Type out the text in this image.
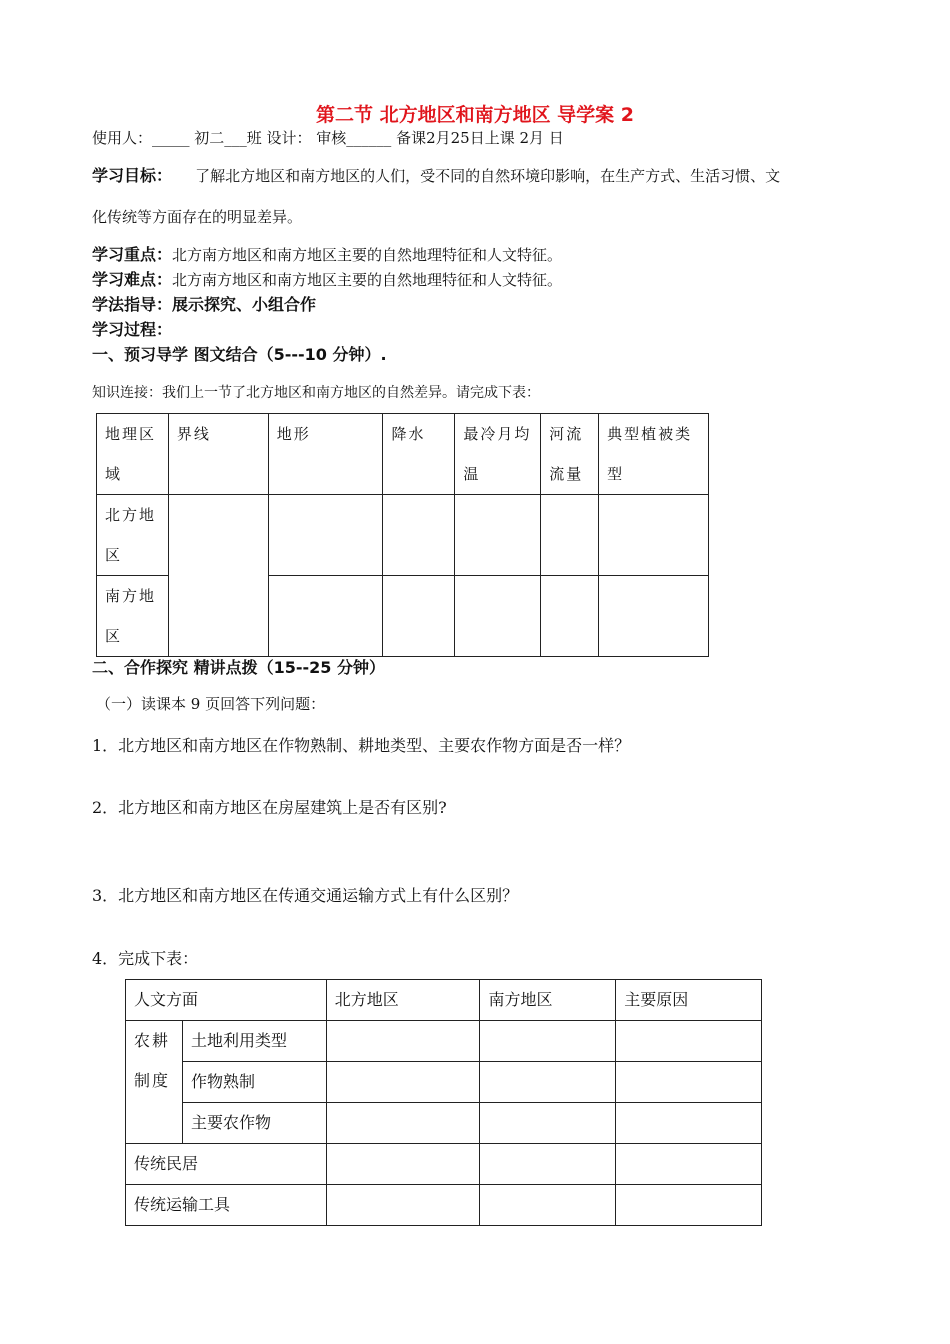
第二节 北方地区和南方地区 导学案 2
使用人：_____ 初二___班 设计： 审核______ 备课2月25日上课 2月 日
学习目标： 了解北方地区和南方地区的人们，受不同的自然环境印影响，在生产方式、生活习惯、文
化传统等方面存在的明显差异。
学习重点：北方南方地区和南方地区主要的自然地理特征和人文特征。
学习难点：北方南方地区和南方地区主要的自然地理特征和人文特征。
学法指导：展示探究、小组合作
学习过程：
一、预习导学 图文结合（5---10 分钟）.
知识连接：我们上一节了北方地区和南方地区的自然差异。请完成下表：
地理区域	界线	地形	降水	最冷月均温	河流流量	典型植被类型
北方地区						
南方地区						
二、合作探究 精讲点拨（15--25 分钟）
（一）读课本 9 页回答下列问题：
1．北方地区和南方地区在作物熟制、耕地类型、主要农作物方面是否一样？
2．北方地区和南方地区在房屋建筑上是否有区别?
3．北方地区和南方地区在传通交通运输方式上有什么区别？
4．完成下表：
人文方面		北方地区	南方地区	主要原因
农耕制度	土地利用类型			
	作物熟制			
	主要农作物			
传统民居				
传统运输工具				
